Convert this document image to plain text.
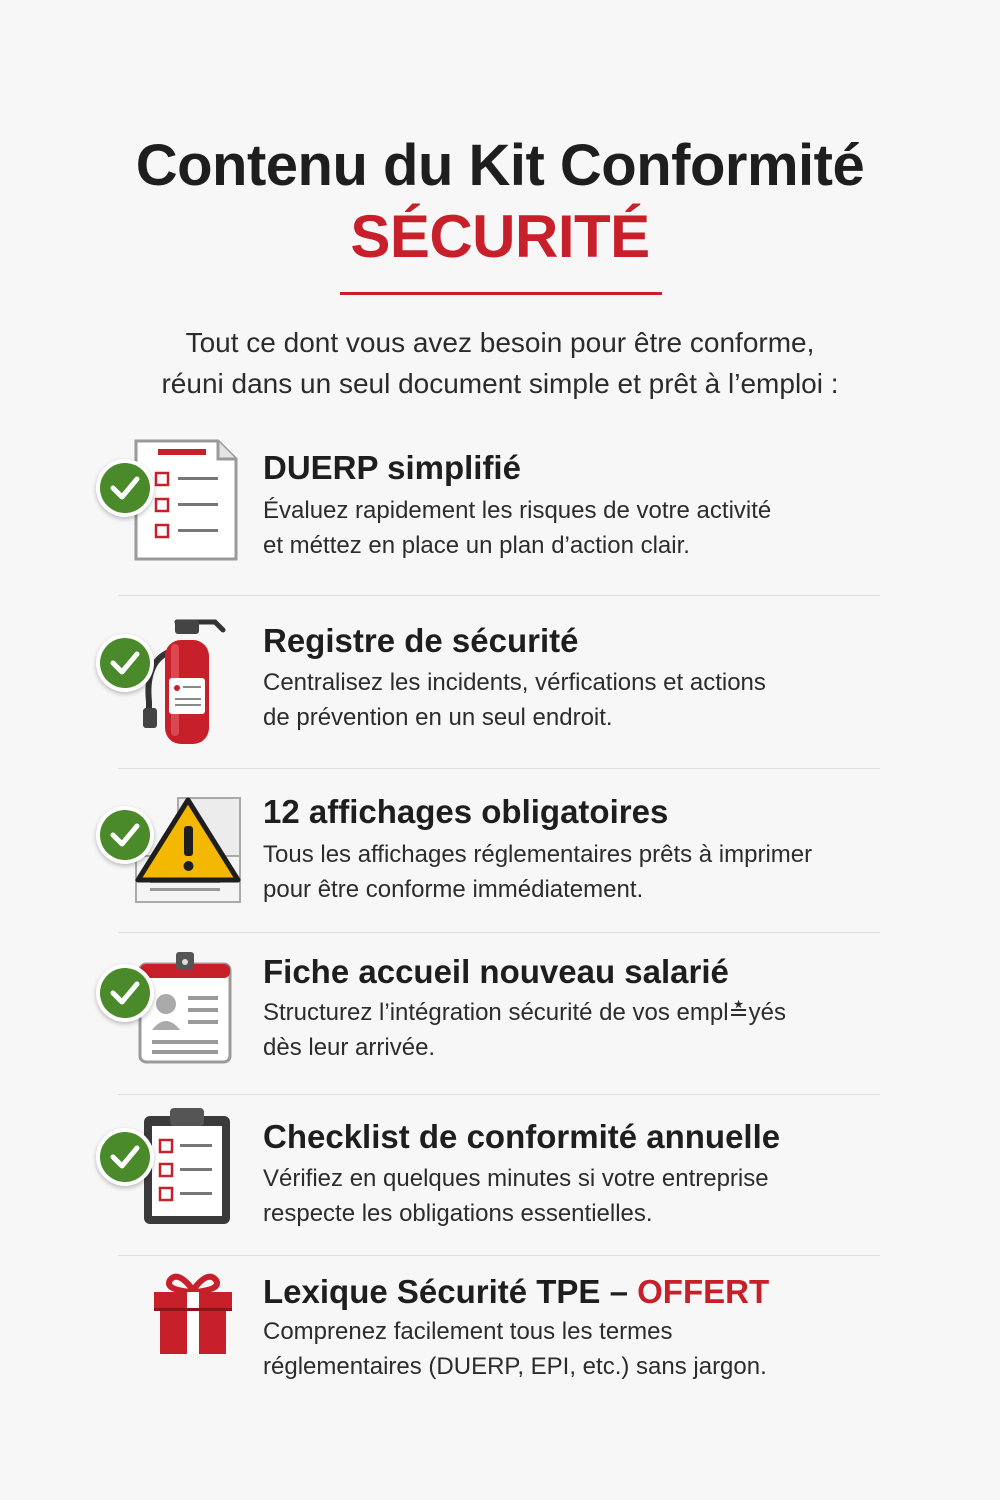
Contenu du Kit Conformité
SÉCURITÉ
Tout ce dont vous avez besoin pour être conforme,
réuni dans un seul document simple et prêt à l’emploi :
DUERP simplifié

Évaluez rapidement les risques de votre activité
et méttez en place un plan d’action clair.

Registre de sécurité

Centralisez les incidents, vérfications et actions
de prévention en un seul endroit.

12 affichages obligatoires

Tous les affichages réglementaires prêts à imprimer
pour être conforme immédiatement.

Fiche accueil nouveau salarié

Structurez l’intégration sécurité de vos empl≛yés
dès leur arrivée.

Checklist de conformité annuelle

Vérifiez en quelques minutes si votre entreprise
respecte les obligations essentielles.

Lexique Sécurité TPE – OFFERT

Comprenez facilement tous les termes
réglementaires (DUERP, EPI, etc.) sans jargon.
